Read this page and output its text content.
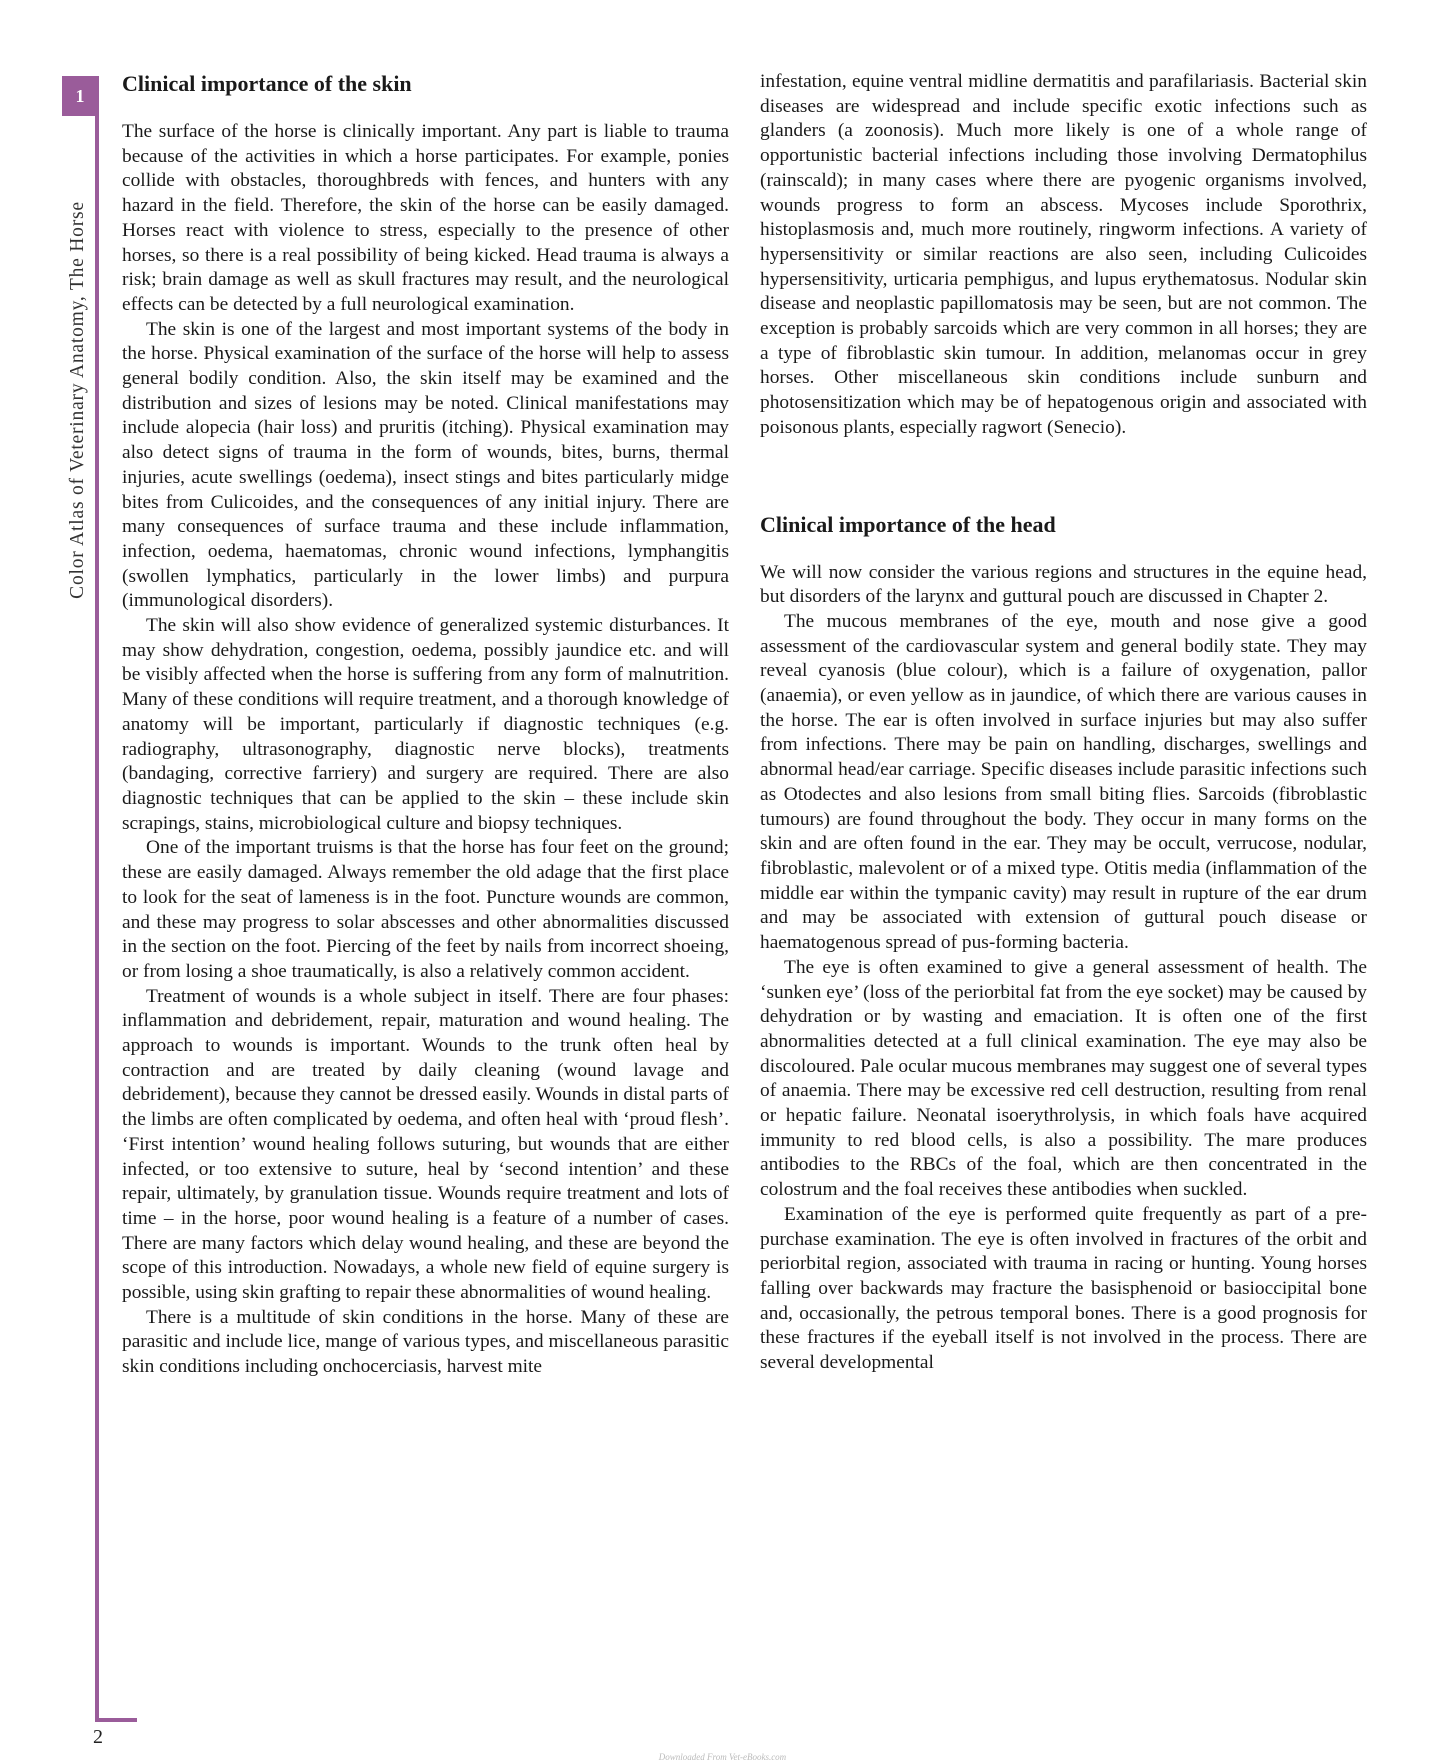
1
Color Atlas of Veterinary Anatomy, The Horse
Clinical importance of the skin

The surface of the horse is clinically important. Any part is liable to trauma because of the activities in which a horse participates. For example, ponies collide with obstacles, thoroughbreds with fences, and hunters with any hazard in the field. Therefore, the skin of the horse can be easily damaged. Horses react with violence to stress, especially to the presence of other horses, so there is a real possibility of being kicked. Head trauma is always a risk; brain damage as well as skull fractures may result, and the neurological effects can be detected by a full neurological examination.

The skin is one of the largest and most important systems of the body in the horse. Physical examination of the surface of the horse will help to assess general bodily condition. Also, the skin itself may be examined and the distribution and sizes of lesions may be noted. Clinical manifestations may include alopecia (hair loss) and pruritis (itching). Physical examination may also detect signs of trauma in the form of wounds, bites, burns, thermal injuries, acute swellings (oedema), insect stings and bites particularly midge bites from Culicoides, and the consequences of any initial injury. There are many consequences of surface trauma and these include inflammation, infection, oedema, haematomas, chronic wound infections, lymphangitis (swollen lymphatics, particularly in the lower limbs) and purpura (immunological disorders).

The skin will also show evidence of generalized systemic disturbances. It may show dehydration, congestion, oedema, possibly jaundice etc. and will be visibly affected when the horse is suffering from any form of malnutrition. Many of these conditions will require treatment, and a thorough knowledge of anatomy will be important, particularly if diagnostic techniques (e.g. radiography, ultrasonography, diagnostic nerve blocks), treatments (bandaging, corrective farriery) and surgery are required. There are also diagnostic techniques that can be applied to the skin – these include skin scrapings, stains, microbiological culture and biopsy techniques.

One of the important truisms is that the horse has four feet on the ground; these are easily damaged. Always remember the old adage that the first place to look for the seat of lameness is in the foot. Puncture wounds are common, and these may progress to solar abscesses and other abnormalities discussed in the section on the foot. Piercing of the feet by nails from incorrect shoeing, or from losing a shoe traumatically, is also a relatively common accident.

Treatment of wounds is a whole subject in itself. There are four phases: inflammation and debridement, repair, maturation and wound healing. The approach to wounds is important. Wounds to the trunk often heal by contraction and are treated by daily cleaning (wound lavage and debridement), because they cannot be dressed easily. Wounds in distal parts of the limbs are often complicated by oedema, and often heal with ‘proud flesh’. ‘First intention’ wound healing follows suturing, but wounds that are either infected, or too extensive to suture, heal by ‘second intention’ and these repair, ultimately, by granulation tissue. Wounds require treatment and lots of time – in the horse, poor wound healing is a feature of a number of cases. There are many factors which delay wound healing, and these are beyond the scope of this introduction. Nowadays, a whole new field of equine surgery is possible, using skin grafting to repair these abnormalities of wound healing.

There is a multitude of skin conditions in the horse. Many of these are parasitic and include lice, mange of various types, and miscellaneous parasitic skin conditions including onchocerciasis, harvest mite

infestation, equine ventral midline dermatitis and parafilariasis. Bacterial skin diseases are widespread and include specific exotic infections such as glanders (a zoonosis). Much more likely is one of a whole range of opportunistic bacterial infections including those involving Dermatophilus (rainscald); in many cases where there are pyogenic organisms involved, wounds progress to form an abscess. Mycoses include Sporothrix, histoplasmosis and, much more routinely, ringworm infections. A variety of hypersensitivity or similar reactions are also seen, including Culicoides hypersensitivity, urticaria pemphigus, and lupus erythematosus. Nodular skin disease and neoplastic papillomatosis may be seen, but are not common. The exception is probably sarcoids which are very common in all horses; they are a type of fibroblastic skin tumour. In addition, melanomas occur in grey horses. Other miscellaneous skin conditions include sunburn and photosensitization which may be of hepatogenous origin and associated with poisonous plants, especially ragwort (Senecio).

Clinical importance of the head

We will now consider the various regions and structures in the equine head, but disorders of the larynx and guttural pouch are discussed in Chapter 2.

The mucous membranes of the eye, mouth and nose give a good assessment of the cardiovascular system and general bodily state. They may reveal cyanosis (blue colour), which is a failure of oxygenation, pallor (anaemia), or even yellow as in jaundice, of which there are various causes in the horse. The ear is often involved in surface injuries but may also suffer from infections. There may be pain on handling, discharges, swellings and abnormal head/ear carriage. Specific diseases include parasitic infections such as Otodectes and also lesions from small biting flies. Sarcoids (fibroblastic tumours) are found throughout the body. They occur in many forms on the skin and are often found in the ear. They may be occult, verrucose, nodular, fibroblastic, malevolent or of a mixed type. Otitis media (inflammation of the middle ear within the tympanic cavity) may result in rupture of the ear drum and may be associated with extension of guttural pouch disease or haematogenous spread of pus-forming bacteria.

The eye is often examined to give a general assessment of health. The ‘sunken eye’ (loss of the periorbital fat from the eye socket) may be caused by dehydration or by wasting and emaciation. It is often one of the first abnormalities detected at a full clinical examination. The eye may also be discoloured. Pale ocular mucous membranes may suggest one of several types of anaemia. There may be excessive red cell destruction, resulting from renal or hepatic failure. Neonatal isoerythrolysis, in which foals have acquired immunity to red blood cells, is also a possibility. The mare produces antibodies to the RBCs of the foal, which are then concentrated in the colostrum and the foal receives these antibodies when suckled.

Examination of the eye is performed quite frequently as part of a pre-purchase examination. The eye is often involved in fractures of the orbit and periorbital region, associated with trauma in racing or hunting. Young horses falling over backwards may fracture the basisphenoid or basioccipital bone and, occasionally, the petrous temporal bones. There is a good prognosis for these fractures if the eyeball itself is not involved in the process. There are several developmental

2
Downloaded From Vet-eBooks.com
